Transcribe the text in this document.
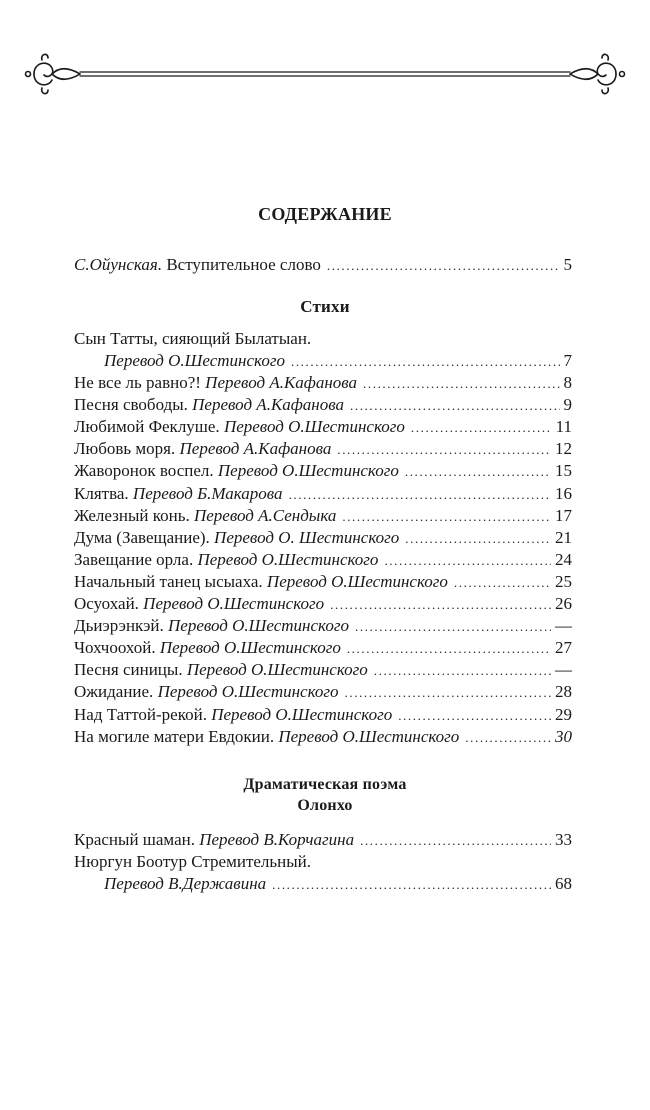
СОДЕРЖАНИЕ
С.Ойунская. Вступительное слово .....	5
Стихи
Сын Татты, сияющий Былатыан.
Перевод О.Шестинского .....	7
Не все ль равно?! Перевод А.Кафанова .....	8
Песня свободы. Перевод А.Кафанова .....	9
Любимой Феклуше. Перевод О.Шестинского .....	11
Любовь моря. Перевод А.Кафанова .....	12
Жаворонок воспел. Перевод О.Шестинского .....	15
Клятва. Перевод Б.Макарова .....	16
Железный конь. Перевод А.Сендыка .....	17
Дума (Завещание). Перевод О. Шестинского .....	21
Завещание орла. Перевод О.Шестинского .....	24
Начальный танец ысыаха. Перевод О.Шестинского .....	25
Осуохай. Перевод О.Шестинского .....	26
Дьиэрэнкэй. Перевод О.Шестинского .....	—
Чохчоохой. Перевод О.Шестинского .....	27
Песня синицы. Перевод О.Шестинского .....	—
Ожидание. Перевод О.Шестинского .....	28
Над Таттой-рекой. Перевод О.Шестинского .....	29
На могиле матери Евдокии. Перевод О.Шестинского .....	30
Драматическая поэма
Олонхо
Красный шаман. Перевод В.Корчагина .....	33
Нюргун Боотур Стремительный.
Перевод В.Державина .....	68
